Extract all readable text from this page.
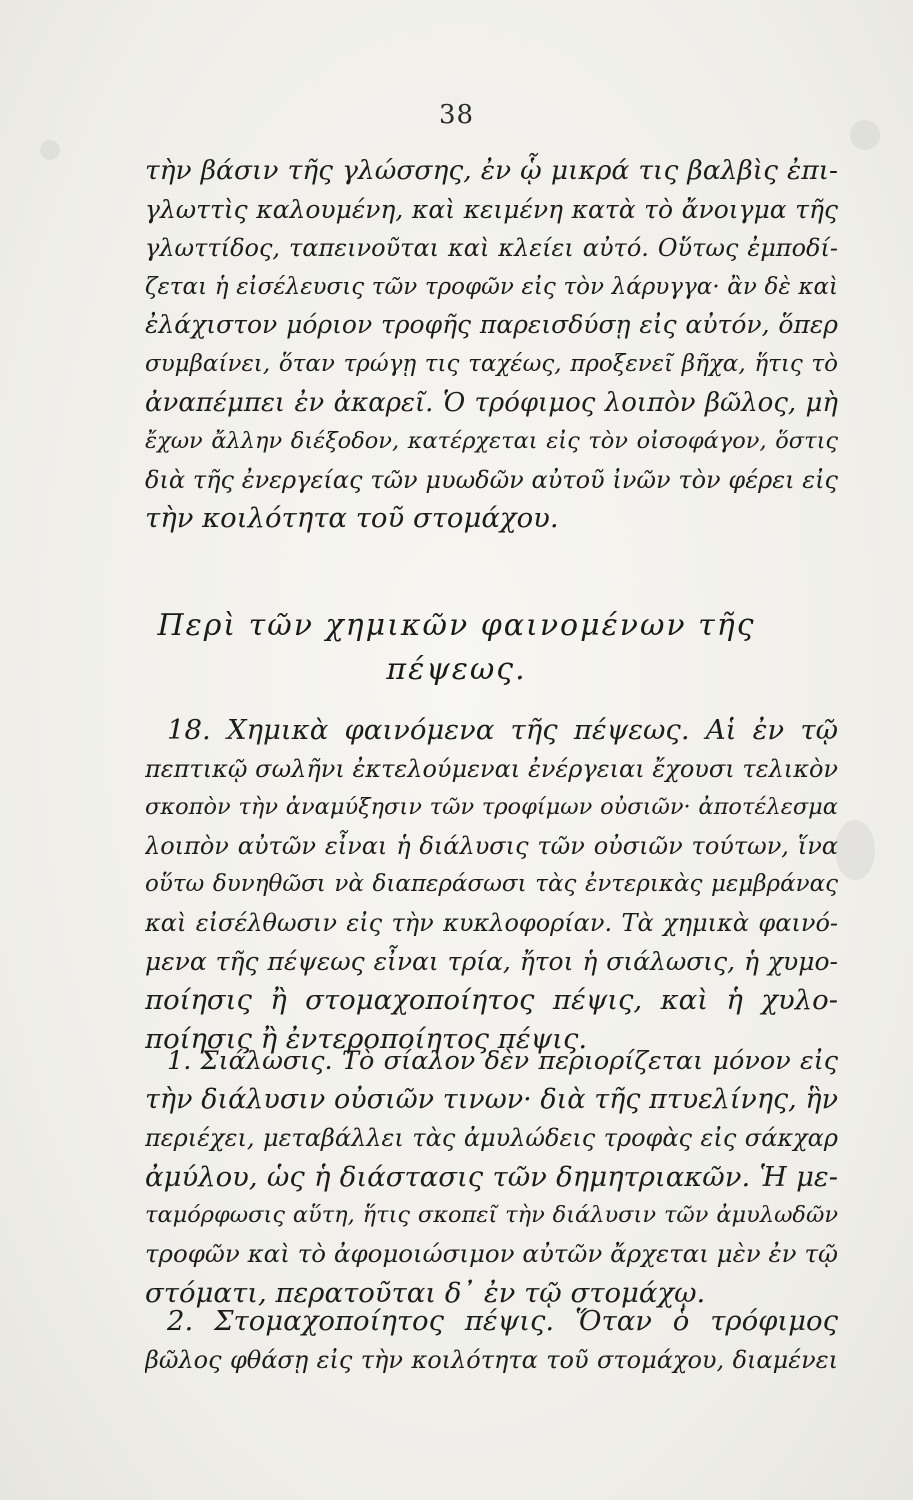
38
τὴν βάσιν τῆς γλώσσης, ἐν ᾧ μικρά τις βαλβὶς ἐπι-
γλωττὶς καλουμένη, καὶ κειμένη κατὰ τὸ ἄνοιγμα τῆς
γλωττίδος, ταπεινοῦται καὶ κλείει αὐτό. Οὕτως ἐμποδί-
ζεται ἡ εἰσέλευσις τῶν τροφῶν εἰς τὸν λάρυγγα· ἂν δὲ καὶ
ἐλάχιστον μόριον τροφῆς παρεισδύσῃ εἰς αὐτόν, ὅπερ
συμβαίνει, ὅταν τρώγῃ τις ταχέως, προξενεῖ βῆχα, ἥτις τὸ
ἀναπέμπει ἐν ἀκαρεῖ. Ὁ τρόφιμος λοιπὸν βῶλος, μὴ
ἔχων ἄλλην διέξοδον, κατέρχεται εἰς τὸν οἰσοφάγον, ὅστις
διὰ τῆς ἐνεργείας τῶν μυωδῶν αὐτοῦ ἰνῶν τὸν φέρει εἰς
τὴν κοιλότητα τοῦ στομάχου.
Περὶ τῶν χημικῶν φαινομένων τῆς
πέψεως.
18. Χημικὰ φαινόμενα τῆς πέψεως. Αἱ ἐν τῷ
πεπτικῷ σωλῆνι ἐκτελούμεναι ἐνέργειαι ἔχουσι τελικὸν
σκοπὸν τὴν ἀναμύξησιν τῶν τροφίμων οὐσιῶν· ἀποτέλεσμα
λοιπὸν αὐτῶν εἶναι ἡ διάλυσις τῶν οὐσιῶν τούτων, ἵνα
οὕτω δυνηθῶσι νὰ διαπεράσωσι τὰς ἐντερικὰς μεμβράνας
καὶ εἰσέλθωσιν εἰς τὴν κυκλοφορίαν. Τὰ χημικὰ φαινό-
μενα τῆς πέψεως εἶναι τρία, ἤτοι ἡ σιάλωσις, ἡ χυμο-
ποίησις ἢ στομαχοποίητος πέψις, καὶ ἡ χυλο-
ποίησις ἢ ἐντεροποίητος πέψις.
1. Σιάλωσις. Τὸ σίαλον δὲν περιορίζεται μόνον εἰς
τὴν διάλυσιν οὐσιῶν τινων· διὰ τῆς πτυελίνης, ἣν
περιέχει, μεταβάλλει τὰς ἀμυλώδεις τροφὰς εἰς σάκχαρ
ἀμύλου, ὡς ἡ διάστασις τῶν δημητριακῶν. Ἡ με-
ταμόρφωσις αὕτη, ἥτις σκοπεῖ τὴν διάλυσιν τῶν ἀμυλωδῶν
τροφῶν καὶ τὸ ἀφομοιώσιμον αὐτῶν ἄρχεται μὲν ἐν τῷ
στόματι, περατοῦται δ᾽ ἐν τῷ στομάχῳ.
2. Στομαχοποίητος πέψις. Ὅταν ὁ τρόφιμος
βῶλος φθάσῃ εἰς τὴν κοιλότητα τοῦ στομάχου, διαμένει
